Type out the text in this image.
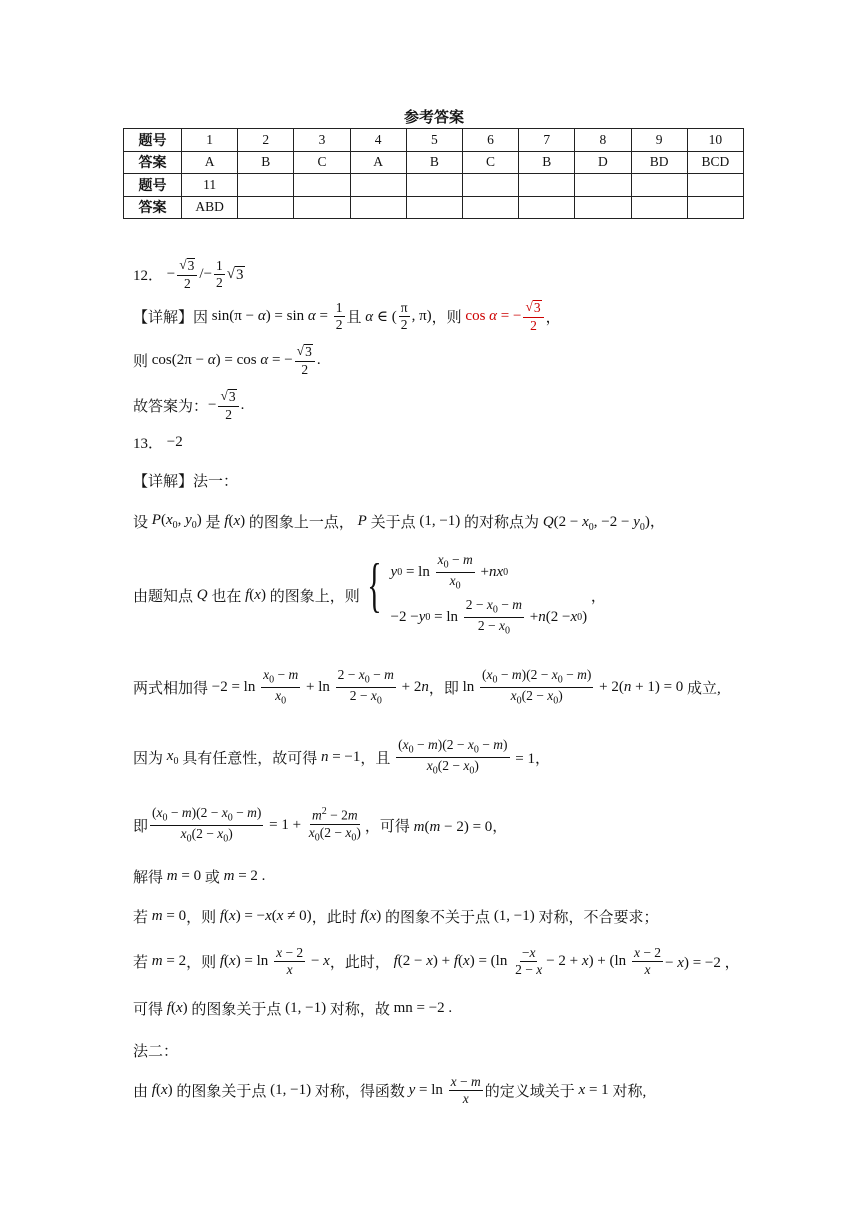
参考答案
题号	1	2	3	4	5	6	7	8	9	10
答案	A	B	C	A	B	C	B	D	BD	BCD
题号	11									
答案	ABD									
12． − $\frac{√ 3}{2} /- \frac{1}{2}$ √ 3
【详解】因 $\sin(\pi - \alpha) = \sin \alpha = \frac{1}{2}$ 且 α ∈ ( $\frac{\pi}{2}$ , π) ，则 cos α = − $\frac{√ 3}{2}$ ，
则 cos(2π − α) = cos α = − $\frac{√ 3}{2}$ .
故答案为： − $\frac{√ 3}{2}$ .
13．
−2
【详解】法一：
设 $P(x_0$, $y_0$) 是 f(x) 的图象上一点， P 关于点 (1, −1) 的对称点为 $Q(2 - x_0$, $-2 - y_0$)，
由题知点 Q 也在 f(x) 的图象上，则 { y $0 = \ln \frac{x_0 - m}{x_0}$ + nx 0
−2 − y $0 = \ln \frac{2 - x_0 - m}{2 - x_0} + n$ (2 − x 0 )
，
两式相加得 $-2 = \ln \frac{x_0 - m}{x_0} + \ln \frac{2 - x_0 - m}{2 - x_0} + 2n$ ，即 $\ln \frac{(x_0 - m)(2 - x_0 - m)}{x_0(2 - x_0)} + 2(n + 1) = 0$ 成立,
因为 $x_0$ 具有任意性，故可得 n = −1 ，且
$\frac{(x_0 - m)(2 - x_0 - m)}{x_0(2 - x_0)} = 1$，
即 $\frac{(x_0 - m)(2 - x_0 - m)}{x_0(2 - x_0)} = 1 + \frac{m^2 - 2m}{x_0(2 - x_0)}$ ，可得 m(m − 2) = 0，
解得 m = 0 或 m = 2 .
若 m = 0 ，则 f(x) = −x(x ≠ 0) ，此时 f(x) 的图象不关于点 (1, −1) 对称，不合要求；
若 m = 2 ，则 $f(x) = \ln \frac{x - 2}{x} - x$ ，此时， $f(2 - x) + f(x) = (\ln \frac{-x}{2 - x} - 2 + x) + (\ln \frac{x - 2}{x} - x) = -2$ ，
可得 f(x) 的图象关于点 (1, −1) 对称，故 mn = −2 .
法二：
由 f(x) 的图象关于点 (1, −1) 对称，得函数 $y = \ln \frac{x - m}{x}$ 的定义域关于 x = 1 对称,
